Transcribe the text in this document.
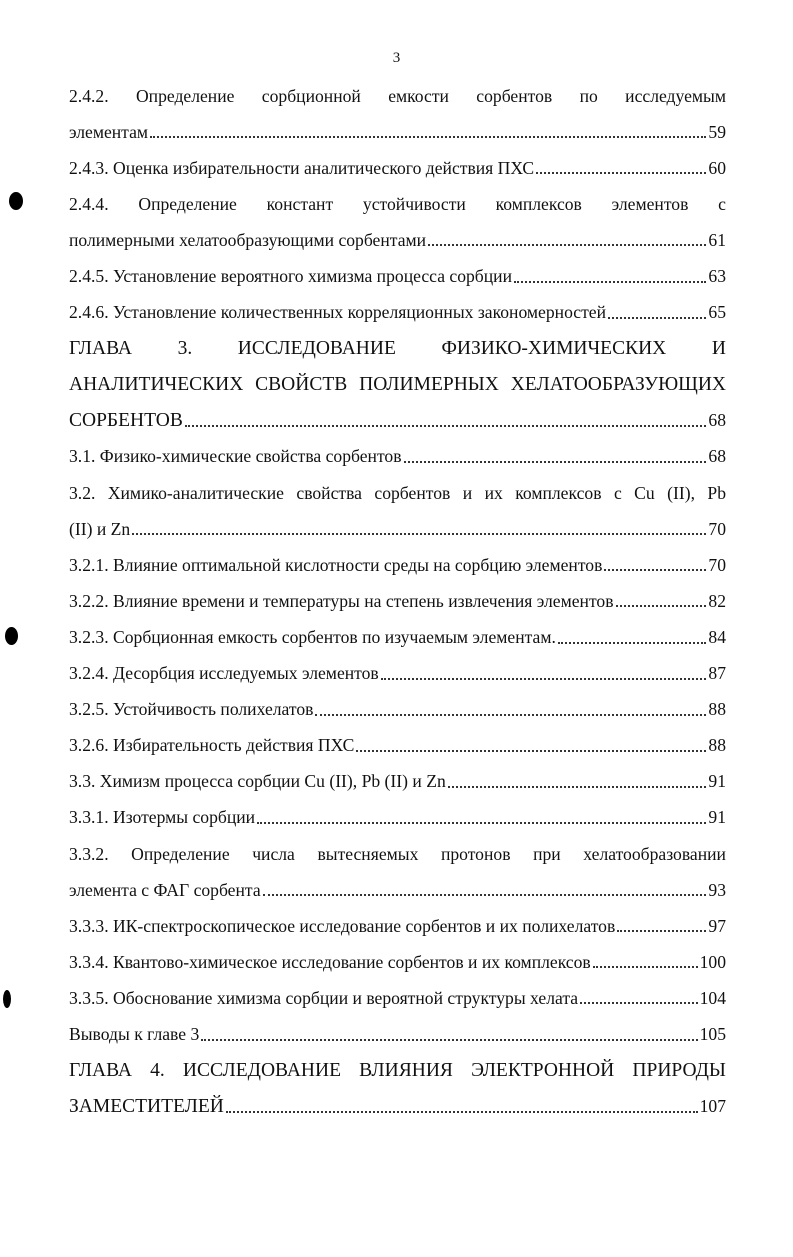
3
2.4.2. Определение сорбционной емкости сорбентов по исследуемым
элементам	59
2.4.3. Оценка избирательности аналитического действия ПХС	60
2.4.4. Определение констант устойчивости комплексов элементов с
полимерными хелатообразующими сорбентами	61
2.4.5. Установление вероятного химизма процесса сорбции	63
2.4.6. Установление количественных корреляционных закономерностей	65
ГЛАВА 3. ИССЛЕДОВАНИЕ ФИЗИКО-ХИМИЧЕСКИХ И
АНАЛИТИЧЕСКИХ СВОЙСТВ ПОЛИМЕРНЫХ ХЕЛАТООБРАЗУЮЩИХ
СОРБЕНТОВ	68
3.1. Физико-химические свойства сорбентов	68
3.2. Химико-аналитические свойства сорбентов и их комплексов с Cu (II), Pb
(II) и Zn	70
3.2.1. Влияние оптимальной кислотности среды на сорбцию элементов	70
3.2.2. Влияние времени и температуры на степень извлечения элементов	82
3.2.3. Сорбционная емкость сорбентов по изучаемым элементам.	84
3.2.4. Десорбция исследуемых элементов	87
3.2.5. Устойчивость полихелатов	88
3.2.6. Избирательность действия ПХС	88
3.3. Химизм процесса сорбции Cu (II), Pb (II) и Zn	91
3.3.1. Изотермы сорбции	91
3.3.2. Определение числа вытесняемых протонов при хелатообразовании
элемента с ФАГ сорбента	93
3.3.3. ИК-спектроскопическое исследование сорбентов и их полихелатов	97
3.3.4. Квантово-химическое исследование сорбентов и их комплексов	100
3.3.5. Обоснование химизма сорбции и вероятной структуры хелата	104
Выводы к главе 3	105
ГЛАВА 4. ИССЛЕДОВАНИЕ ВЛИЯНИЯ ЭЛЕКТРОННОЙ ПРИРОДЫ
ЗАМЕСТИТЕЛЕЙ	107
